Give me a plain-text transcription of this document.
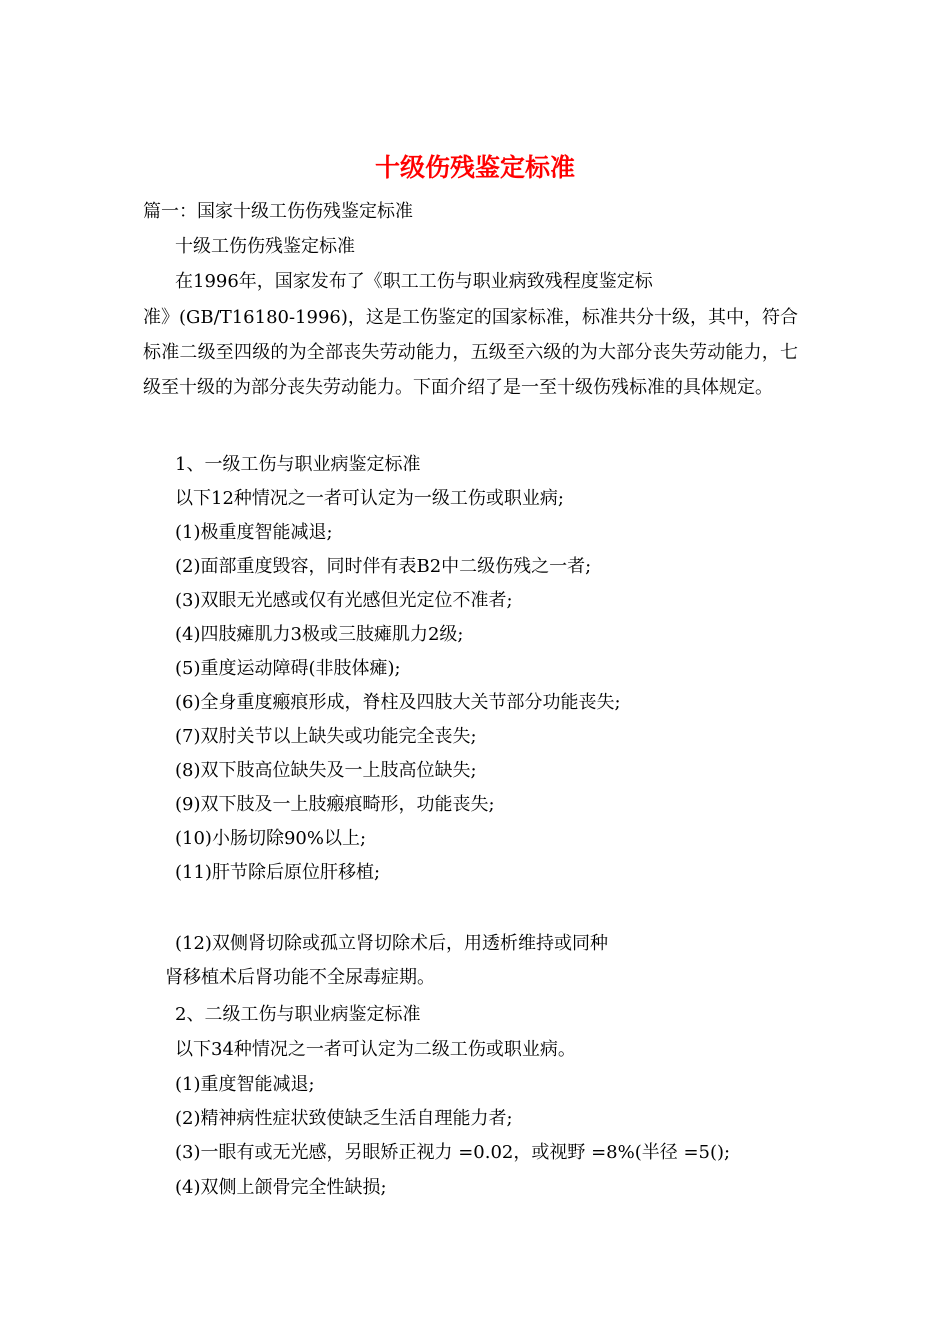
十级伤残鉴定标准
篇一：国家十级工伤伤残鉴定标准
十级工伤伤残鉴定标准
在1996年，国家发布了《职工工伤与职业病致残程度鉴定标
准》(GB/T16180-1996)，这是工伤鉴定的国家标准，标准共分十级，其中，符合标准二级至四级的为全部丧失劳动能力，五级至六级的为大部分丧失劳动能力，七级至十级的为部分丧失劳动能力。下面介绍了是一至十级伤残标准的具体规定。
1、一级工伤与职业病鉴定标准
以下12种情况之一者可认定为一级工伤或职业病;
(1)极重度智能减退;
(2)面部重度毁容，同时伴有表B2中二级伤残之一者;
(3)双眼无光感或仅有光感但光定位不准者;
(4)四肢瘫肌力3极或三肢瘫肌力2级;
(5)重度运动障碍(非肢体瘫);
(6)全身重度瘢痕形成，脊柱及四肢大关节部分功能丧失;
(7)双肘关节以上缺失或功能完全丧失;
(8)双下肢高位缺失及一上肢高位缺失;
(9)双下肢及一上肢瘢痕畸形，功能丧失;
(10)小肠切除90%以上;
(11)肝节除后原位肝移植;
(12)双侧肾切除或孤立肾切除术后，用透析维持或同种
肾移植术后肾功能不全尿毒症期。
2、二级工伤与职业病鉴定标准
以下34种情况之一者可认定为二级工伤或职业病。
(1)重度智能减退;
(2)精神病性症状致使缺乏生活自理能力者;
(3)一眼有或无光感，另眼矫正视力 =0.02，或视野 =8%(半径 =5();
(4)双侧上颌骨完全性缺损;
